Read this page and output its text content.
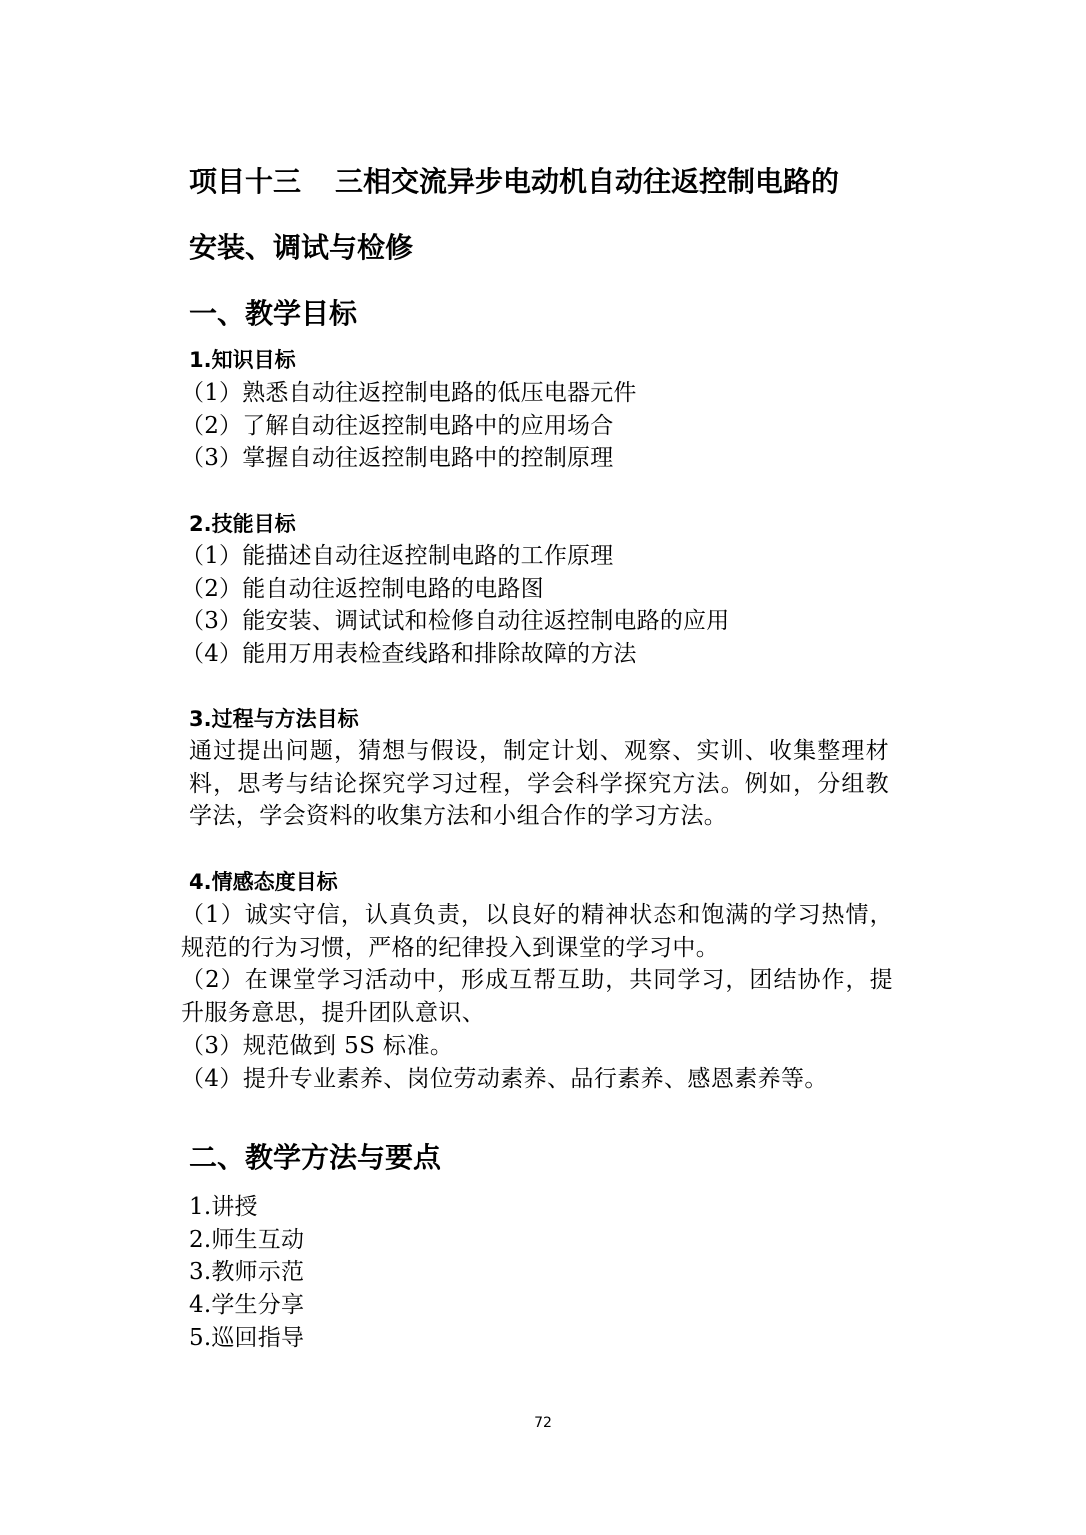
项目十三 三相交流异步电动机自动往返控制电路的
安装、调试与检修
一、教学目标
1.知识目标
（1）熟悉自动往返控制电路的低压电器元件
（2）了解自动往返控制电路中的应用场合
（3）掌握自动往返控制电路中的控制原理
2.技能目标
（1）能描述自动往返控制电路的工作原理
（2）能自动往返控制电路的电路图
（3）能安装、调试试和检修自动往返控制电路的应用
（4）能用万用表检查线路和排除故障的方法
3.过程与方法目标
通过提出问题，猜想与假设，制定计划、观察、实训、收集整理材料，思考与结论探究学习过程，学会科学探究方法。例如，分组教学法，学会资料的收集方法和小组合作的学习方法。
4.情感态度目标
（1）诚实守信，认真负责，以良好的精神状态和饱满的学习热情，规范的行为习惯，严格的纪律投入到课堂的学习中。
（2）在课堂学习活动中，形成互帮互助，共同学习，团结协作，提升服务意思，提升团队意识、
（3）规范做到 5S 标准。
（4）提升专业素养、岗位劳动素养、品行素养、感恩素养等。
二、教学方法与要点
1.讲授
2.师生互动
3.教师示范
4.学生分享
5.巡回指导
72
